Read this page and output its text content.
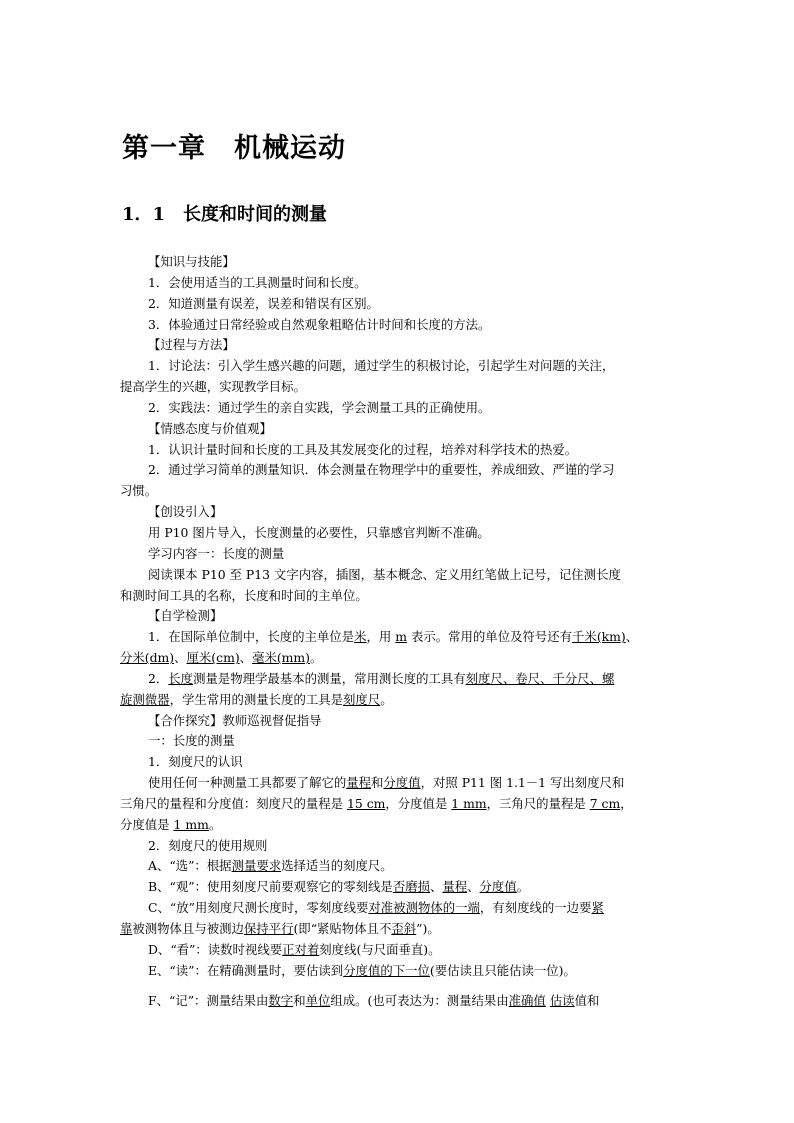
第一章　机械运动
1．1　长度和时间的测量
【知识与技能】
1．会使用适当的工具测量时间和长度。
2．知道测量有误差，误差和错误有区别。
3．体验通过日常经验或自然观象粗略估计时间和长度的方法。
【过程与方法】
1．讨论法：引入学生感兴趣的问题，通过学生的积极讨论，引起学生对问题的关注，
提高学生的兴趣，实现教学目标。
2．实践法：通过学生的亲自实践，学会测量工具的正确使用。
【情感态度与价值观】
1．认识计量时间和长度的工具及其发展变化的过程，培养对科学技术的热爱。
2．通过学习简单的测量知识．体会测量在物理学中的重要性，养成细致、严谨的学习
习惯。
【创设引入】
用 P10 图片导入，长度测量的必要性，只靠感官判断不准确。
学习内容一：长度的测量
阅读课本 P10 至 P13 文字内容，插图，基本概念、定义用红笔做上记号，记住测长度
和测时间工具的名称，长度和时间的主单位。
【自学检测】
1．在国际单位制中，长度的主单位是米，用 m 表示。常用的单位及符号还有千米(km)、
分米(dm)、厘米(cm)、毫米(mm)。
2．长度测量是物理学最基本的测量，常用测长度的工具有刻度尺、卷尺、千分尺、螺
旋测微器，学生常用的测量长度的工具是刻度尺。
【合作探究】教师巡视督促指导
一：长度的测量
1．刻度尺的认识
使用任何一种测量工具都要了解它的量程和分度值，对照 P11 图 1.1－1 写出刻度尺和
三角尺的量程和分度值：刻度尺的量程是 15 cm，分度值是 1 mm，三角尺的量程是 7 cm，
分度值是 1 mm。
2．刻度尺的使用规则
A、“选”：根据测量要求选择适当的刻度尺。
B、“观”：使用刻度尺前要观察它的零刻线是否磨损、量程、分度值。
C、“放”用刻度尺测长度时，零刻度线要对准被测物体的一端，有刻度线的一边要紧
靠被测物体且与被测边保持平行(即“紧贴物体且不歪斜”)。
D、“看”：读数时视线要正对着刻度线(与尺面垂直)。
E、“读”：在精确测量时，要估读到分度值的下一位(要估读且只能估读一位)。
F、“记”：测量结果由数字和单位组成。(也可表达为：测量结果由准确值 估读值和
